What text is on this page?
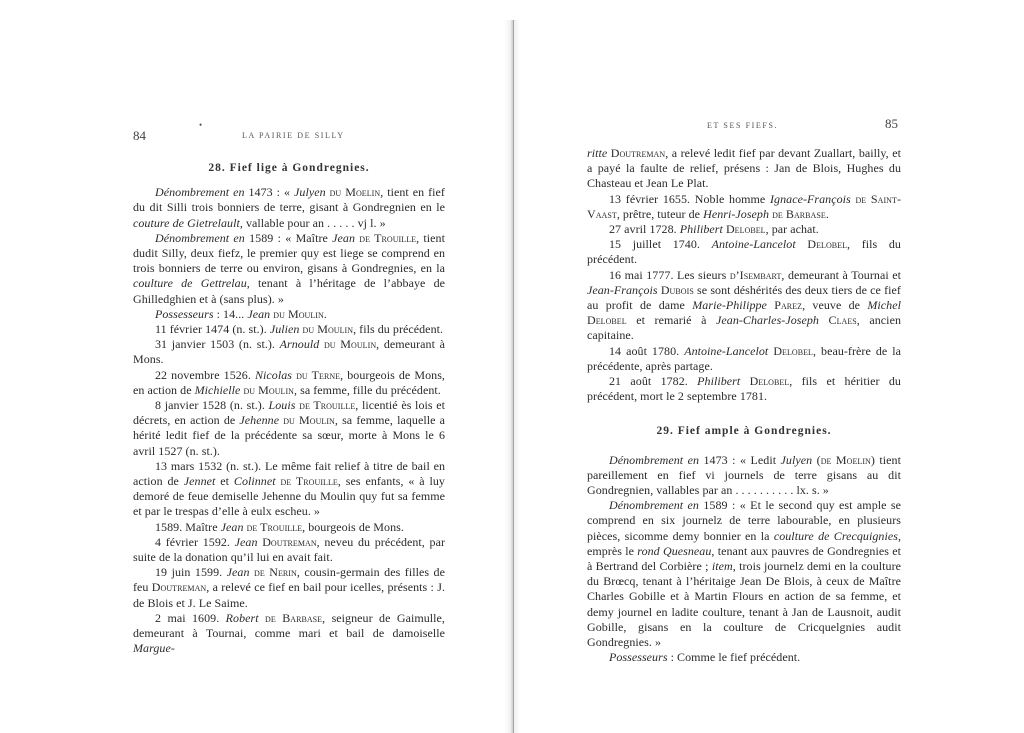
84
•
LA PAIRIE DE SILLY
28. Fief lige à Gondregnies.

Dénombrement en 1473 : « Julyen du Moelin, tient en fief du dit Silli trois bonniers de terre, gisant à Gondregnien en le couture de Gietrelault, vallable pour an . . . . . vj l. »

Dénombrement en 1589 : « Maître Jean de Trouille, tient dudit Silly, deux fiefz, le premier quy est liege se comprend en trois bonniers de terre ou environ, gisans à Gondregnies, en la coulture de Gettrelau, tenant à l’héritage de l’abbaye de Ghilledghien et à (sans plus). »

Possesseurs : 14... Jean du Moulin.

11 février 1474 (n. st.). Julien du Moulin, fils du précédent.

31 janvier 1503 (n. st.). Arnould du Moulin, demeurant à Mons.

22 novembre 1526. Nicolas du Terne, bourgeois de Mons, en action de Michielle du Moulin, sa femme, fille du précédent.

8 janvier 1528 (n. st.). Louis de Trouille, licentié ès lois et décrets, en action de Jehenne du Moulin, sa femme, laquelle a hérité ledit fief de la précédente sa sœur, morte à Mons le 6 avril 1527 (n. st.).

13 mars 1532 (n. st.). Le même fait relief à titre de bail en action de Jennet et Colinnet de Trouille, ses enfants, « à luy demoré de feue demiselle Jehenne du Moulin quy fut sa femme et par le trespas d’elle à eulx escheu. »

1589. Maître Jean de Trouille, bourgeois de Mons.

4 février 1592. Jean Doutreman, neveu du précédent, par suite de la donation qu’il lui en avait fait.

19 juin 1599. Jean de Nerin, cousin-germain des filles de feu Doutreman, a relevé ce fief en bail pour icelles, présents : J. de Blois et J. Le Saime.

2 mai 1609. Robert de Barbase, seigneur de Gaimulle, demeurant à Tournai, comme mari et bail de damoiselle Margue-

ET SES FIEFS.	85

ritte Doutreman, a relevé ledit fief par devant Zuallart, bailly, et a payé la faulte de relief, présens : Jan de Blois, Hughes du Chasteau et Jean Le Plat.

13 février 1655. Noble homme Ignace-François de Saint-Vaast, prêtre, tuteur de Henri-Joseph de Barbase.

27 avril 1728. Philibert Delobel, par achat.

15 juillet 1740. Antoine-Lancelot Delobel, fils du précédent.

16 mai 1777. Les sieurs d’Isembart, demeurant à Tournai et Jean-François Dubois se sont déshérités des deux tiers de ce fief au profit de dame Marie-Philippe Parez, veuve de Michel Delobel et remarié à Jean-Charles-Joseph Claes, ancien capitaine.

14 août 1780. Antoine-Lancelot Delobel, beau-frère de la précédente, après partage.

21 août 1782. Philibert Delobel, fils et héritier du précédent, mort le 2 septembre 1781.

29. Fief ample à Gondregnies.

Dénombrement en 1473 : « Ledit Julyen (de Moelin) tient pareillement en fief vi journels de terre gisans au dit Gondregnien, vallables par an . . . . . . . . . . lx. s. »

Dénombrement en 1589 : « Et le second quy est ample se comprend en six journelz de terre labourable, en plusieurs pièces, sicomme demy bonnier en la coulture de Crecquignies, emprès le rond Quesneau, tenant aux pauvres de Gondregnies et à Bertrand del Corbière ; item, trois journelz demi en la coulture du Brœcq, tenant à l’héritaige Jean De Blois, à ceux de Maître Charles Gobille et à Martin Flours en action de sa femme, et demy journel en ladite coulture, tenant à Jan de Lausnoit, audit Gobille, gisans en la coulture de Cricquelgnies audit Gondregnies. »

Possesseurs : Comme le fief précédent.
